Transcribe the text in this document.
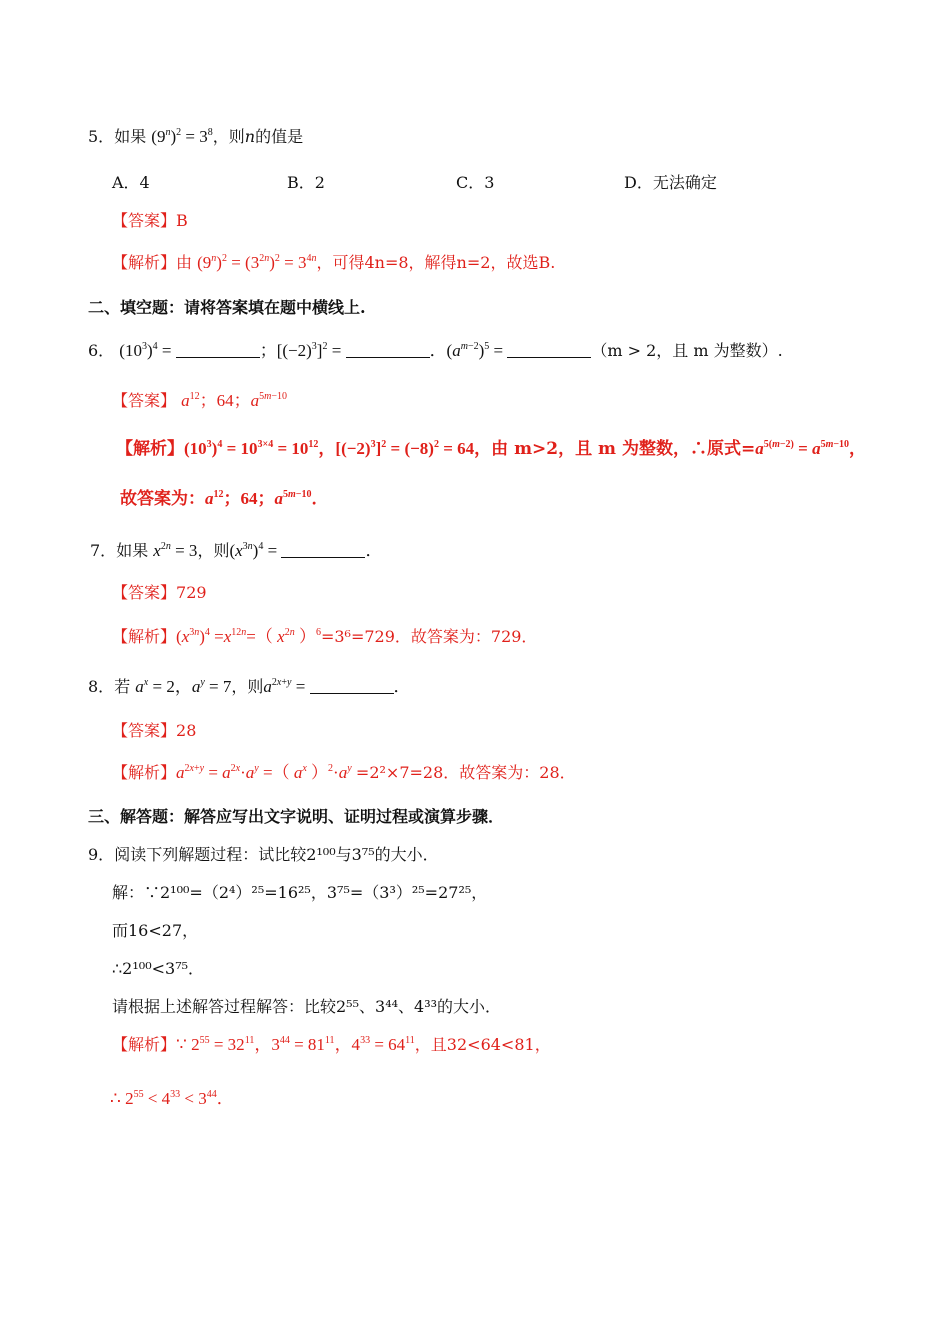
5．如果 $(9^n)^2 = 3^8$，则n的值是
A．4	B．2	C．3	D．无法确定
【答案】B
【解析】由 $(9^n)^2 = (3^{2n})^2 = 3^{4n}$，可得4n=8，解得n=2，故选B.
二、填空题：请将答案填在题中横线上.
6． $(10^3)^4$ =	；$[(-2)^3]^2$ =	．$(a^{m-2})^5$ =	（m > 2，且 m 为整数）.
【答案】 $a^{12}$；64；$a^{5m-10}$
【解析】$(10^3)^4 = 10^{3\times 4} = 10^{12}$，$[(-2)^3]^2 = (-8)^2 = 64$，由 m>2，且 m 为整数，∴原式$=a^{5(m-2)} = a^{5m-10}$，
故答案为：$a^{12}$；64；$a^{5m-10}$．
7．如果 $x^{2n} = 3$，则$(x^{3n})^4$ =	．
【答案】729
【解析】$(x^{3n})^4 =x^{12n}=$（ $x^{2n}$ ）$^6$=3⁶=729．故答案为：729．
8．若 $a^x = 2$，$a^y = 7$，则$a^{2x+y}$ =	．
【答案】28
【解析】$a^{2x+y} = a^{2x}\cdot a^y$ =（ $a^x$ ）$^2\cdot a^y =2^2\times 7=28$．故答案为：28．
三、解答题：解答应写出文字说明、证明过程或演算步骤．
9．阅读下列解题过程：试比较2¹⁰⁰与3⁷⁵的大小．
解：∵2¹⁰⁰=（2⁴）²⁵=16²⁵，3⁷⁵=（3³）²⁵=27²⁵，
而16<27，
∴2¹⁰⁰<3⁷⁵．
请根据上述解答过程解答：比较2⁵⁵、3⁴⁴、4³³的大小．
【解析】∵ $2^{55} = 32^{11}$，$3^{44} = 81^{11}$，$4^{33} = 64^{11}$，且32<64<81，
∴ $2^{55} < 4^{33} < 3^{44}$．
